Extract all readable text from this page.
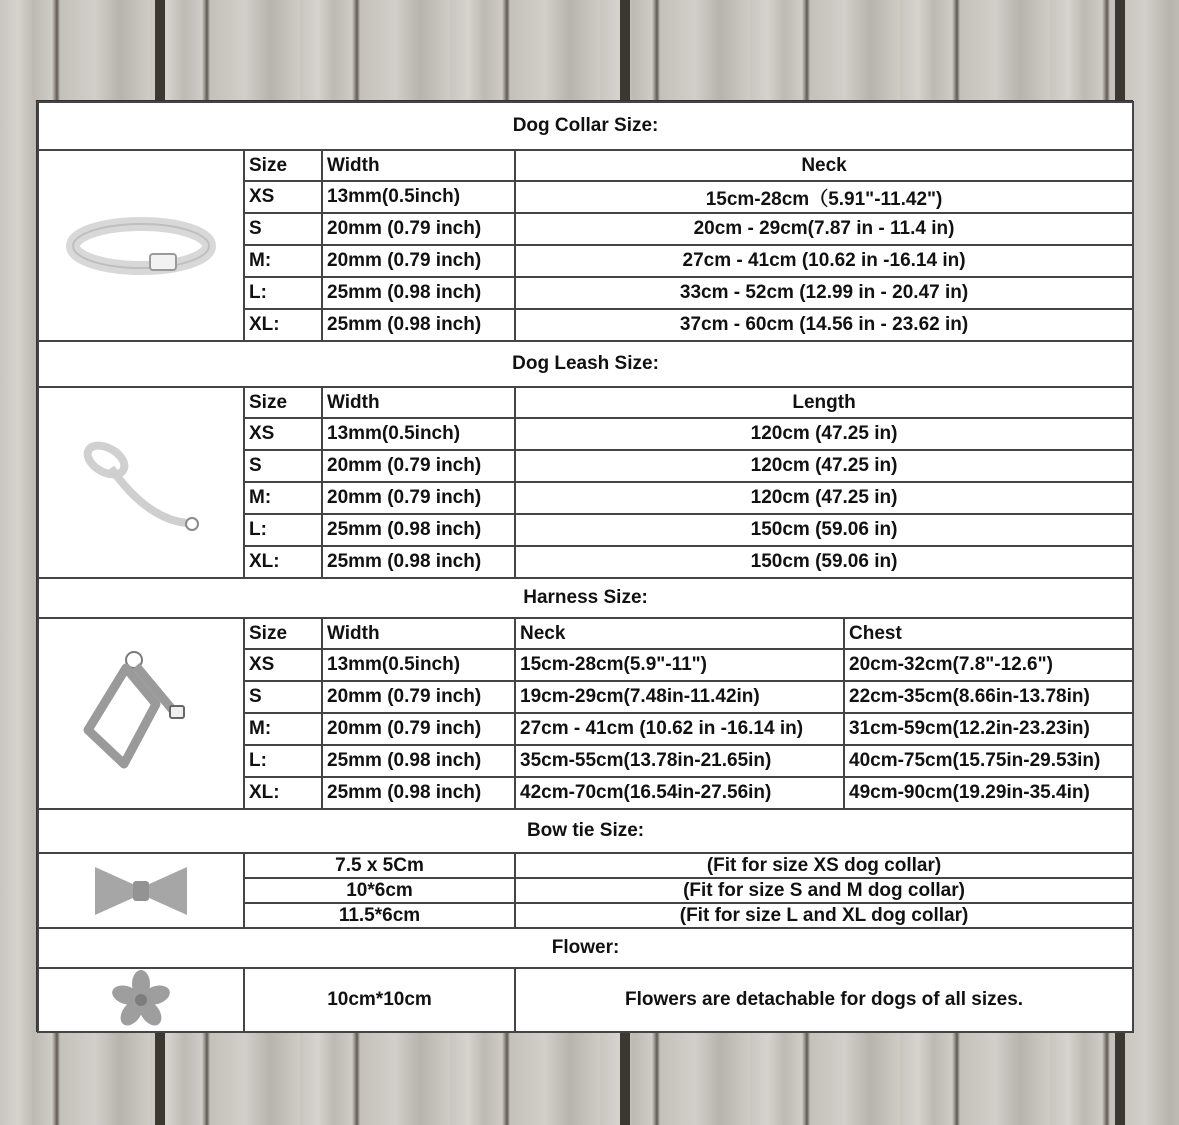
Dog Collar Size:				

	Size	Width	Neck	
	XS	13mm(0.5inch)	15cm-28cm（5.91"-11.42")	
	S	20mm (0.79 inch)	20cm - 29cm(7.87 in - 11.4 in)	
	M:	20mm (0.79 inch)	27cm - 41cm (10.62 in -16.14 in)	
	L:	25mm (0.98 inch)	33cm - 52cm (12.99 in - 20.47 in)	
	XL:	25mm (0.98 inch)	37cm - 60cm (14.56 in - 23.62 in)	
Dog Leash Size:				

	Size	Width	Length	
	XS	13mm(0.5inch)	120cm (47.25 in)	
	S	20mm (0.79 inch)	120cm (47.25 in)	
	M:	20mm (0.79 inch)	120cm (47.25 in)	
	L:	25mm (0.98 inch)	150cm (59.06 in)	
	XL:	25mm (0.98 inch)	150cm (59.06 in)	
Harness Size:				

	Size	Width	Neck	Chest
	XS	13mm(0.5inch)	15cm-28cm(5.9"-11")	20cm-32cm(7.8"-12.6")
	S	20mm (0.79 inch)	19cm-29cm(7.48in-11.42in)	22cm-35cm(8.66in-13.78in)
	M:	20mm (0.79 inch)	27cm - 41cm (10.62 in -16.14 in)	31cm-59cm(12.2in-23.23in)
	L:	25mm (0.98 inch)	35cm-55cm(13.78in-21.65in)	40cm-75cm(15.75in-29.53in)
	XL:	25mm (0.98 inch)	42cm-70cm(16.54in-27.56in)	49cm-90cm(19.29in-35.4in)
Bow tie Size:				

	7.5 x 5Cm		(Fit for size XS dog collar)	
	10*6cm		(Fit for size S and M dog collar)	
	11.5*6cm		(Fit for size L and XL dog collar)	
Flower:				

	10cm*10cm		Flowers are detachable for dogs of all sizes.	
